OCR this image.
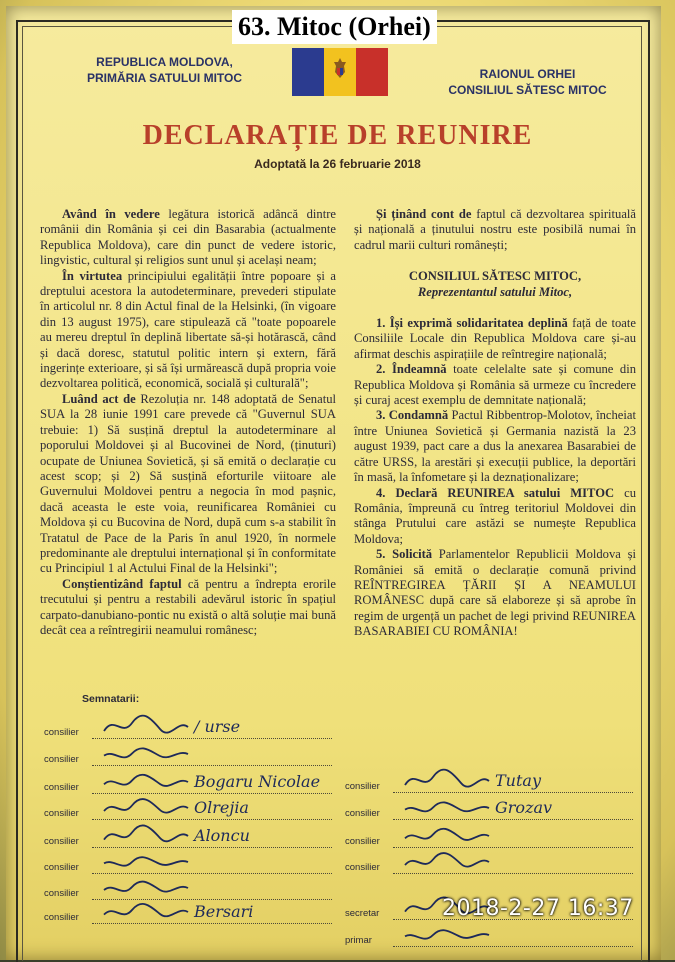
63. Mitoc (Orhei)
REPUBLICA MOLDOVA,
PRIMĂRIA SATULUI MITOC	RAIONUL ORHEI
CONSILIUL SĂTESC MITOC
DECLARAȚIE DE REUNIRE
Adoptată la 26 februarie 2018

Având în vedere legătura istorică adâncă dintre românii din România și cei din Basarabia (actualmente Republica Moldova), care din punct de vedere istoric, lingvistic, cultural și religios sunt unul și același neam;

În virtutea principiului egalității între popoare și a dreptului acestora la autodeterminare, prevederi stipulate în articolul nr. 8 din Actul final de la Helsinki, (în vigoare din 13 august 1975), care stipulează că "toate popoarele au mereu dreptul în deplină libertate să-și hotărască, când și dacă doresc, statutul politic intern și extern, fără ingerințe exterioare, și să își urmărească după propria voie dezvoltarea politică, economică, socială și culturală";

Luând act de Rezoluția nr. 148 adoptată de Senatul SUA la 28 iunie 1991 care prevede că "Guvernul SUA trebuie: 1) Să susțină dreptul la autodeterminare al poporului Moldovei și al Bucovinei de Nord, (ținuturi) ocupate de Uniunea Sovietică, și să emită o declarație cu acest scop; și 2) Să susțină eforturile viitoare ale Guvernului Moldovei pentru a negocia în mod pașnic, dacă aceasta le este voia, reunificarea României cu Moldova și cu Bucovina de Nord, după cum s-a stabilit în Tratatul de Pace de la Paris în anul 1920, în normele predominante ale dreptului internațional și în conformitate cu Principiul 1 al Actului Final de la Helsinki";

Conștientizând faptul că pentru a îndrepta erorile trecutului și pentru a restabili adevărul istoric în spațiul carpato-danubiano-pontic nu există o altă soluție mai bună decât cea a reîntregirii neamului românesc;

Și ținând cont de faptul că dezvoltarea spirituală și națională a ținutului nostru este posibilă numai în cadrul marii culturi românești;

CONSILIUL SĂTESC MITOC,

Reprezentantul satului Mitoc,

1. Își exprimă solidaritatea deplină față de toate Consiliile Locale din Republica Moldova care și-au afirmat deschis aspirațiile de reîntregire națională;

2. Îndeamnă toate celelalte sate și comune din Republica Moldova și România să urmeze cu încredere și curaj acest exemplu de demnitate națională;

3. Condamnă Pactul Ribbentrop-Molotov, încheiat între Uniunea Sovietică și Germania nazistă la 23 august 1939, pact care a dus la anexarea Basarabiei de către URSS, la arestări și execuții publice, la deportări în masă, la înfometare și la deznaționalizare;

4. Declară REUNIREA satului MITOC cu România, împreună cu întreg teritoriul Moldovei din stânga Prutului care astăzi se numește Republica Moldova;

5. Solicită Parlamentelor Republicii Moldova și României să emită o declarație comună privind REÎNTREGIREA ȚĂRII ȘI A NEAMULUI ROMÂNESC după care să elaboreze și să aprobe în regim de urgență un pachet de legi privind REUNIREA BASARABIEI CU ROMÂNIA!

Semnatarii:
consilier	/ urse
consilier
consilier	Bogaru Nicolae
consilier	Olrejia
consilier	Aloncu
consilier
consilier
consilier	Bersari
consilier	Tutay
consilier	Grozav
consilier
consilier
secretar
primar
2018-2-27 16:37
